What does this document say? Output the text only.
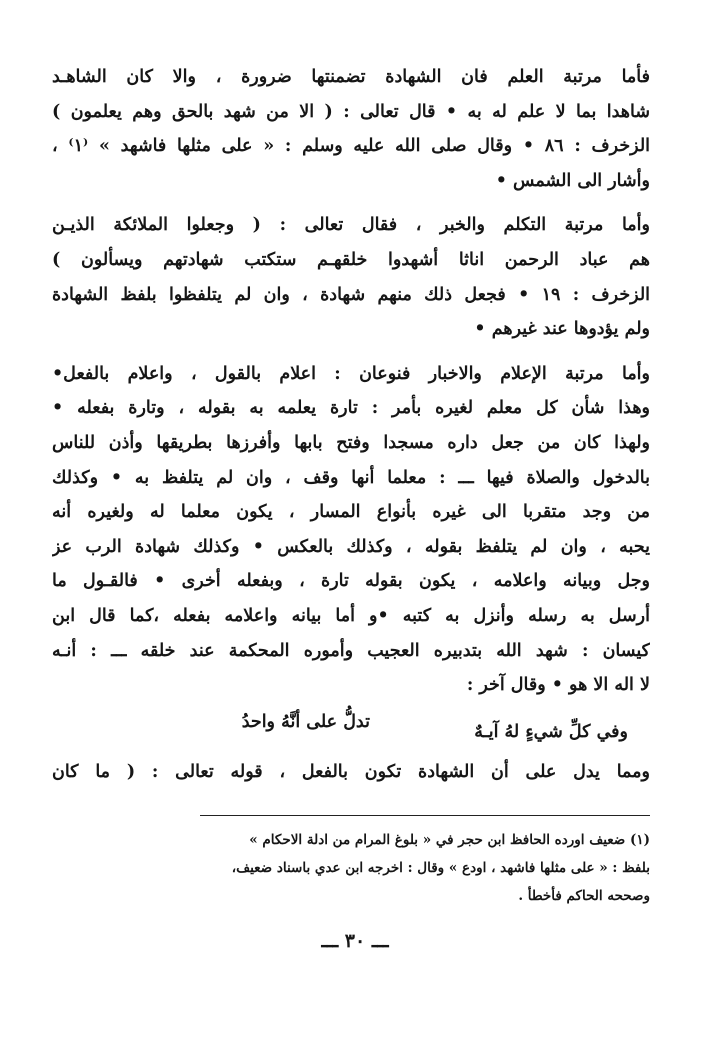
فأما مرتبة العلم فان الشهادة تضمنتها ضرورة ، والا كان الشاهـد
شاهدا بما لا علم له به • قال تعالى : ( الا من شهد بالحق وهم يعلمون )
الزخرف : ٨٦ • وقال صلى الله عليه وسلم : « على مثلها فاشهد » ⁽١⁾ ،
وأشار الى الشمس •

وأما مرتبة التكلم والخبر ، فقال تعالى : ( وجعلوا الملائكة الذيـن
هم عباد الرحمن اناثا أشهدوا خلقهـم ستكتب شهادتهم ويسألون )
الزخرف : ١٩ • فجعل ذلك منهم شهادة ، وان لم يتلفظوا بلفظ الشهادة
ولم يؤدوها عند غيرهم •

وأما مرتبة الإعلام والاخبار فنوعان : اعلام بالقول ، واعلام بالفعل•
وهذا شأن كل معلم لغيره بأمر : تارة يعلمه به بقوله ، وتارة بفعله •
ولهذا كان من جعل داره مسجدا وفتح بابها وأفرزها بطريقها وأذن للناس
بالدخول والصلاة فيها ـــ : معلما أنها وقف ، وان لم يتلفظ به • وكذلك
من وجد متقربا الى غيره بأنواع المسار ، يكون معلما له ولغيره أنه
يحبه ، وان لم يتلفظ بقوله ، وكذلك بالعكس • وكذلك شهادة الرب عز
وجل وبيانه واعلامه ، يكون بقوله تارة ، وبفعله أخرى • فالقـول ما
أرسل به رسله وأنزل به كتبه •و أما بيانه واعلامه بفعله ،كما قال ابن
كيسان : شهد الله بتدبيره العجيب وأموره المحكمة عند خلقه ـــ : أنـه
لا اله الا هو • وقال آخر :

وفي كلِّ شيءٍ لهُ آيـهٌ
تدلُّ على أنَّهُ واحدُ
ومما يدل على أن الشهادة تكون بالفعل ، قوله تعالى : ( ما كان
(١) ضعيف اورده الحافظ ابن حجر في « بلوغ المرام من ادلة الاحكام »
بلفظ : « على مثلها فاشهد ، اودع » وقال : اخرجه ابن عدي باسناد ضعيف،
وصححه الحاكم فأخطأ .
ـــ ٣٠ ـــ
